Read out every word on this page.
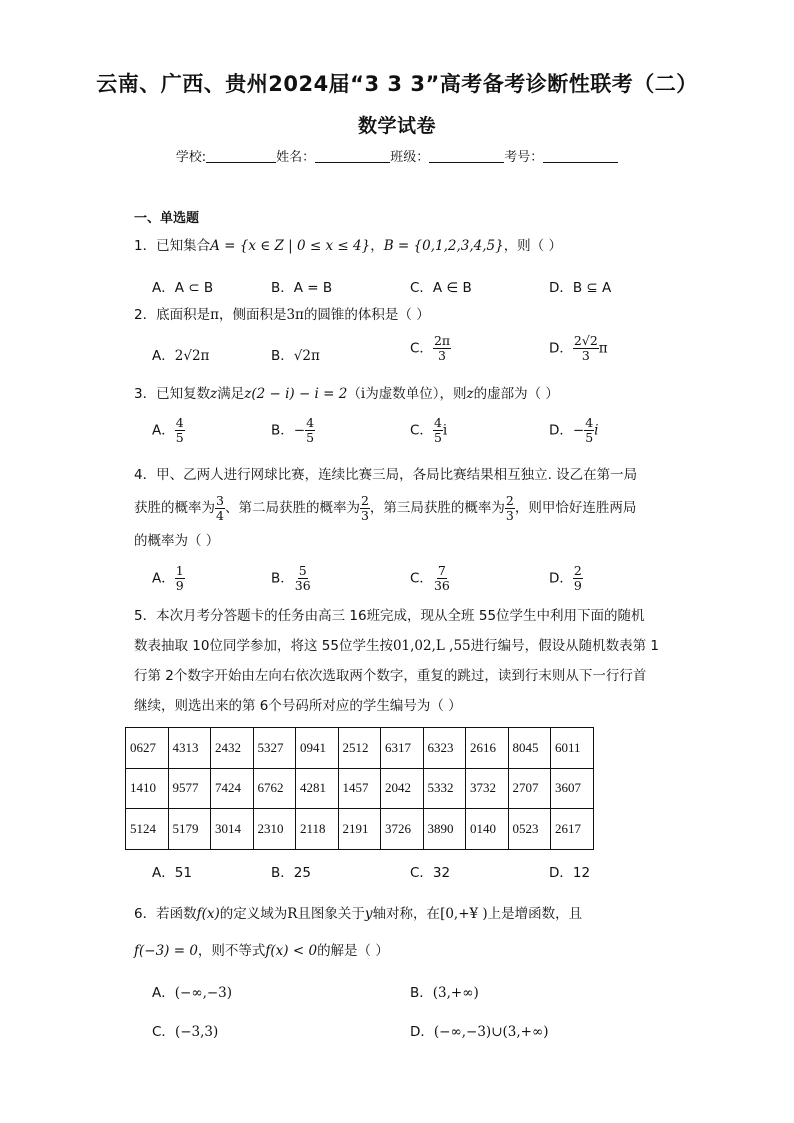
云南、广西、贵州2024届“3 3 3”高考备考诊断性联考（二）
数学试卷
学校:	姓名：	班级：	考号：
一、单选题
1．已知集合A = {x ∈ Z | 0 ≤ x ≤ 4}，B = {0,1,2,3,4,5}，则（ ）
A．A ⊂ B	B．A = B	C．A ∈ B	D．B ⊆ A
2．底面积是π，侧面积是3π的圆锥的体积是（ ）
A．2√2π	B．√2π	C． $\frac{2\pi}{3}$	D． $\frac{2√2}{3}$ π
3．已知复数z满足z(2 − i) − i = 2（i为虚数单位），则z的虚部为（ ）
A． $\frac{4}{5}$	B．− $\frac{4}{5}$	C． $\frac{4}{5}$ i	D．− $\frac{4}{5}$ i
4．甲、乙两人进行网球比赛，连续比赛三局，各局比赛结果相互独立. 设乙在第一局
获胜的概率为 $\frac{3}{4}$ 、第二局获胜的概率为 $\frac{2}{3}$ ，第三局获胜的概率为 $\frac{2}{3}$ ，则甲恰好连胜两局
的概率为（ ）
A． $\frac{1}{9}$	B． $\frac{5}{36}$	C． $\frac{7}{36}$	D． $\frac{2}{9}$
5．本次月考分答题卡的任务由高三 16班完成，现从全班 55位学生中利用下面的随机
数表抽取 10位同学参加，将这 55位学生按01,02,L ,55进行编号，假设从随机数表第 1
行第 2个数字开始由左向右依次选取两个数字，重复的跳过，读到行末则从下一行行首
继续，则选出来的第 6个号码所对应的学生编号为（ ）
0627	4313	2432	5327	0941	2512	6317	6323	2616	8045	6011
1410	9577	7424	6762	4281	1457	2042	5332	3732	2707	3607
5124	5179	3014	2310	2118	2191	3726	3890	0140	0523	2617
A．51	B．25	C．32	D．12
6．若函数f(x)的定义域为R且图象关于y轴对称，在[0,+¥ )上是增函数，且
f(−3) = 0，则不等式f(x) < 0的解是（ ）
A．(−∞,−3)	B．(3,+∞)
C．(−3,3)	D．(−∞,−3)∪(3,+∞)
